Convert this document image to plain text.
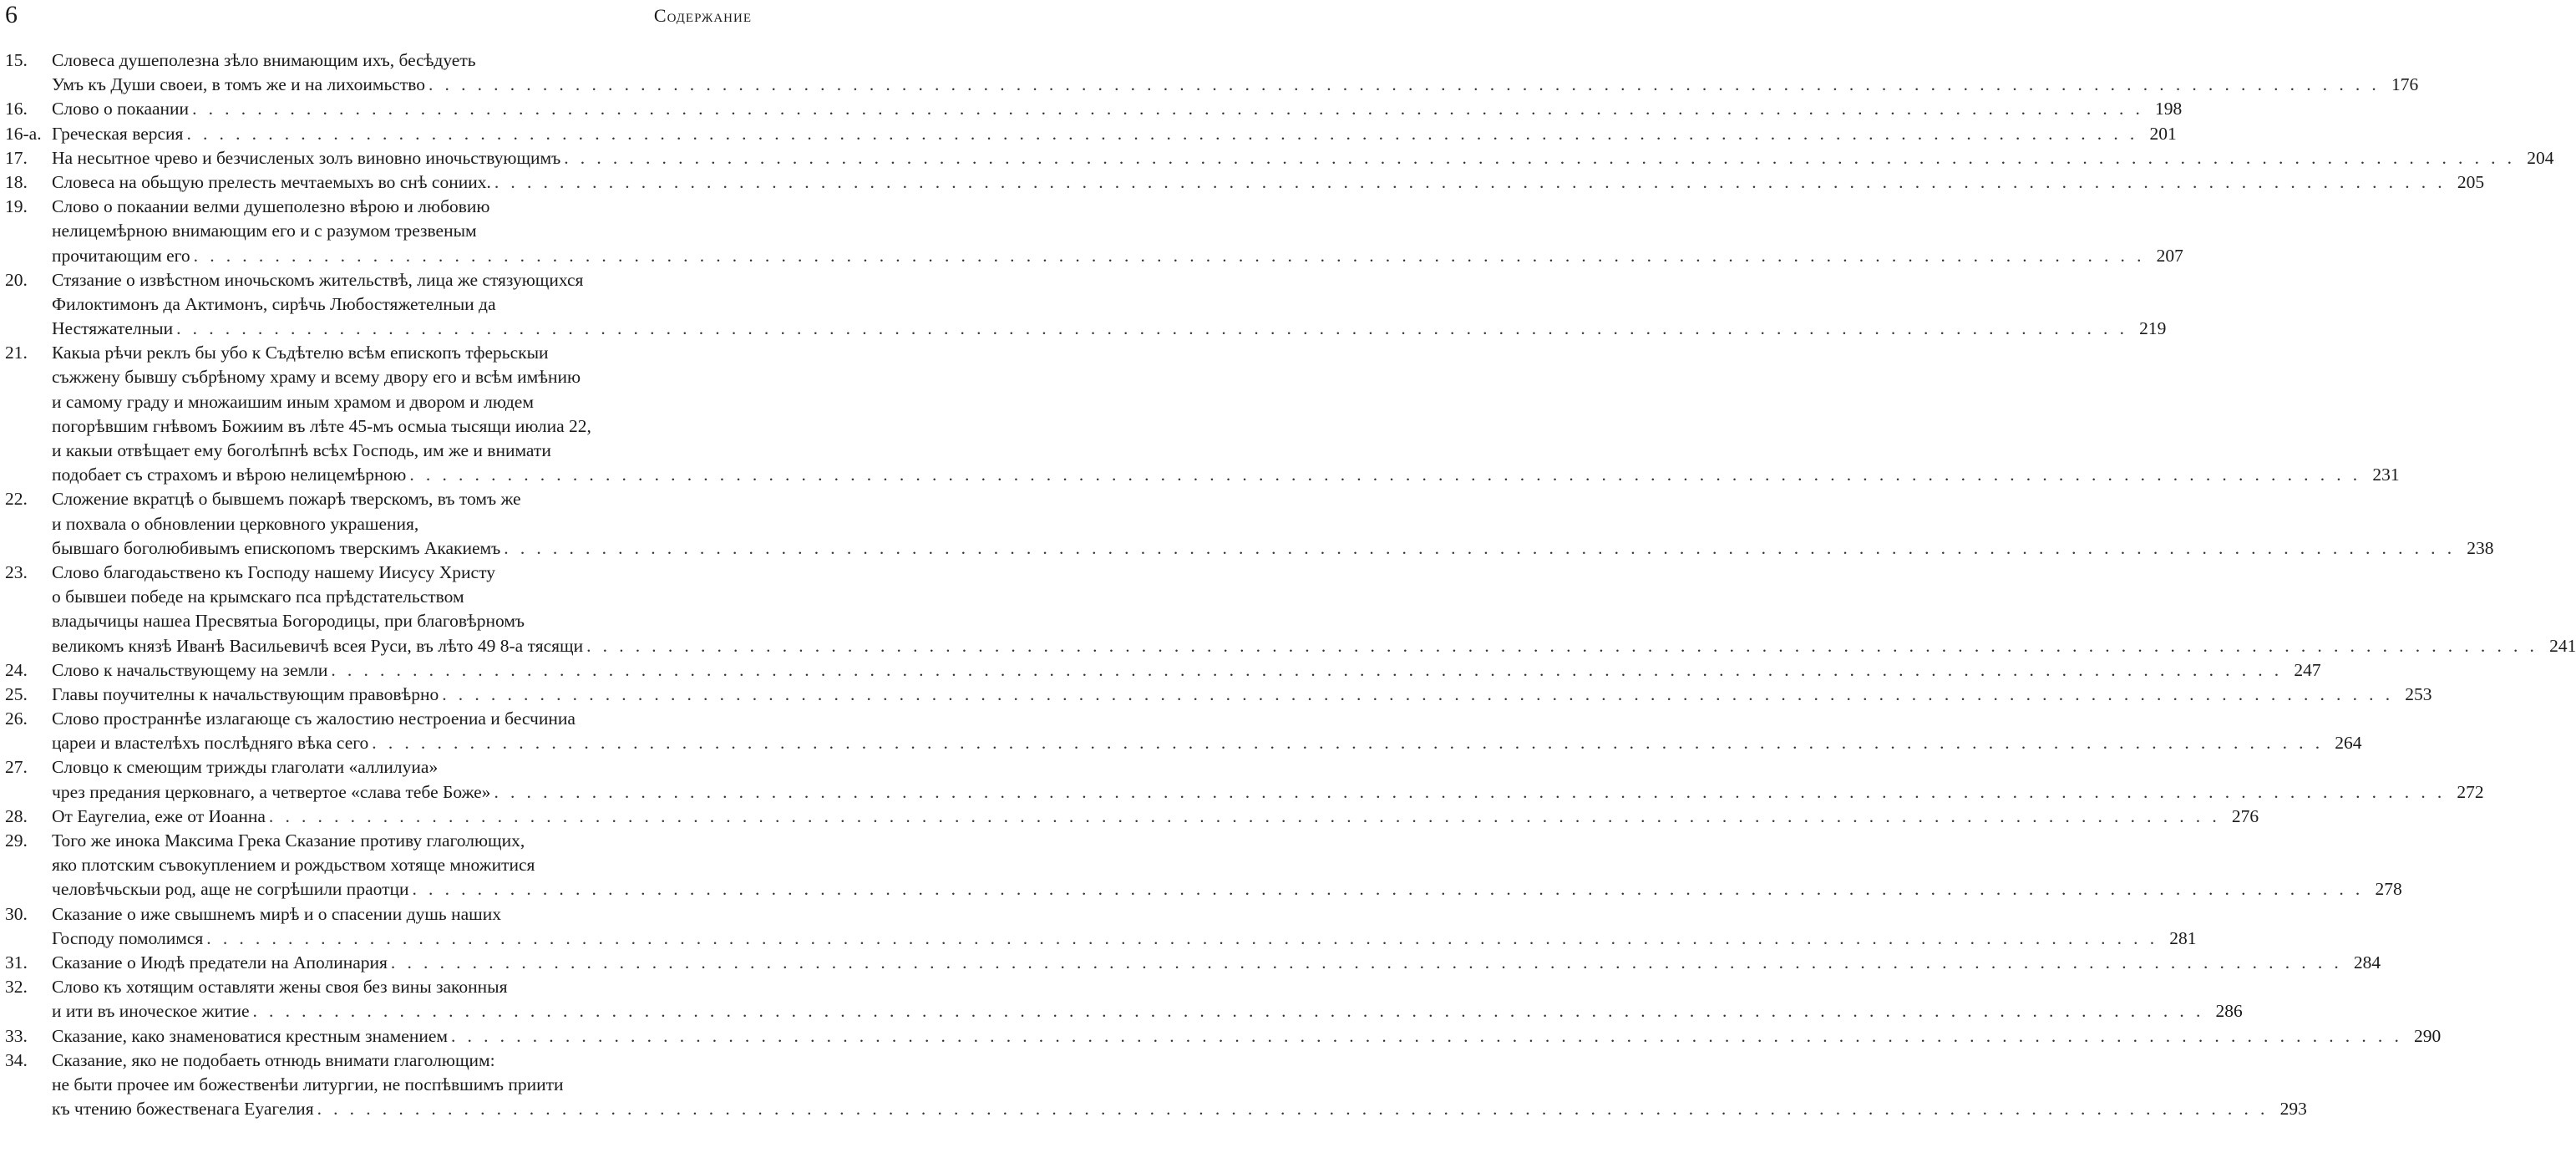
6	Содержание
15. Словеса душеполезна зѣло внимающим ихъ, бесѣдуеть
Умъ къ Души своеи, в томъ же и на лихоимьство . . . . . . . . . . . . . . . . . . . . . . . . . . . . . . . . . . . . . . . . . . . . . . . . . . . . . . . . . . . . . . . . . . . . . . . . . . . . . . . . . . . . . . . . . . . . . . . . . . . . . . . . . . . . . . . . . . . . . . . . 176
16. Слово о покаании . . . . . . . . . . . . . . . . . . . . . . . . . . . . . . . . . . . . . . . . . . . . . . . . . . . . . . . . . . . . . . . . . . . . . . . . . . . . . . . . . . . . . . . . . . . . . . . . . . . . . . . . . . . . . . . . . . . . . . . . 198
16-а. Греческая версия . . . . . . . . . . . . . . . . . . . . . . . . . . . . . . . . . . . . . . . . . . . . . . . . . . . . . . . . . . . . . . . . . . . . . . . . . . . . . . . . . . . . . . . . . . . . . . . . . . . . . . . . . . . . . . . . . . . . . . . . 201
17. На несытное чрево и безчисленых золъ виновно иночьствующимъ . . . . . . . . . . . . . . . . . . . . . . . . . . . . . . . . . . . . . . . . . . . . . . . . . . . . . . . . . . . . . . . . . . . . . . . . . . . . . . . . . . . . . . . . . . . . . . . . . . . . . . . . . . . . . . . . . . . . . . . . 204
18. Словеса на обьщую прелесть мечтаемыхъ во снѣ сониих. . . . . . . . . . . . . . . . . . . . . . . . . . . . . . . . . . . . . . . . . . . . . . . . . . . . . . . . . . . . . . . . . . . . . . . . . . . . . . . . . . . . . . . . . . . . . . . . . . . . . . . . . . . . . . . . . . . . . . . . . 205
19. Слово о покаании велми душеполезно вѣрою и любовию
нелицемѣрною внимающим его и с разумом трезвеным
прочитающим его . . . . . . . . . . . . . . . . . . . . . . . . . . . . . . . . . . . . . . . . . . . . . . . . . . . . . . . . . . . . . . . . . . . . . . . . . . . . . . . . . . . . . . . . . . . . . . . . . . . . . . . . . . . . . . . . . . . . . . . . 207
20. Стязание о извѣстном иночьскомъ жительствѣ, лица же стязующихся
Филоктимонъ да Актимонъ, сирѣчь Любостяжетелныи да
Нестяжателныи . . . . . . . . . . . . . . . . . . . . . . . . . . . . . . . . . . . . . . . . . . . . . . . . . . . . . . . . . . . . . . . . . . . . . . . . . . . . . . . . . . . . . . . . . . . . . . . . . . . . . . . . . . . . . . . . . . . . . . . . 219
21. Какыа рѣчи реклъ бы убо к Съдѣтелю всѣм епископъ тферьскыи
съжжену бывшу събрѣному храму и всему двору его и всѣм имѣнию
и самому граду и множаишим иным храмом и двором и людем
погорѣвшим гнѣвомъ Божиим въ лѣте 45-мъ осмыа тысящи июлиа 22,
и какыи отвѣщает ему боголѣпнѣ всѣх Господь, им же и внимати
подобает съ страхомъ и вѣрою нелицемѣрною . . . . . . . . . . . . . . . . . . . . . . . . . . . . . . . . . . . . . . . . . . . . . . . . . . . . . . . . . . . . . . . . . . . . . . . . . . . . . . . . . . . . . . . . . . . . . . . . . . . . . . . . . . . . . . . . . . . . . . . . 231
22. Сложение вкратцѣ о бывшемъ пожарѣ тверскомъ, въ томъ же
и похвала о обновлении церковного украшения,
бывшаго боголюбивымъ епископомъ тверскимъ Акакиемъ . . . . . . . . . . . . . . . . . . . . . . . . . . . . . . . . . . . . . . . . . . . . . . . . . . . . . . . . . . . . . . . . . . . . . . . . . . . . . . . . . . . . . . . . . . . . . . . . . . . . . . . . . . . . . . . . . . . . . . . . 238
23. Слово благодаьствено къ Господу нашему Иисусу Христу
о бывшеи победе на крымскаго пса прѣдстательством
владычицы нашеа Пресвятыа Богородицы, при благовѣрномъ
великомъ князѣ Иванѣ Васильевичѣ всея Руси, въ лѣто 49 8-а тясящи . . . . . . . . . . . . . . . . . . . . . . . . . . . . . . . . . . . . . . . . . . . . . . . . . . . . . . . . . . . . . . . . . . . . . . . . . . . . . . . . . . . . . . . . . . . . . . . . . . . . . . . . . . . . . . . . . . . . . . . . 241
24. Слово к начальствующему на земли . . . . . . . . . . . . . . . . . . . . . . . . . . . . . . . . . . . . . . . . . . . . . . . . . . . . . . . . . . . . . . . . . . . . . . . . . . . . . . . . . . . . . . . . . . . . . . . . . . . . . . . . . . . . . . . . . . . . . . . . 247
25. Главы поучителны к начальствующим правовѣрно . . . . . . . . . . . . . . . . . . . . . . . . . . . . . . . . . . . . . . . . . . . . . . . . . . . . . . . . . . . . . . . . . . . . . . . . . . . . . . . . . . . . . . . . . . . . . . . . . . . . . . . . . . . . . . . . . . . . . . . . 253
26. Слово пространнѣе излагающе съ жалостию нестроениа и бесчиниа
цареи и властелѣхъ послѣдняго вѣка сего . . . . . . . . . . . . . . . . . . . . . . . . . . . . . . . . . . . . . . . . . . . . . . . . . . . . . . . . . . . . . . . . . . . . . . . . . . . . . . . . . . . . . . . . . . . . . . . . . . . . . . . . . . . . . . . . . . . . . . . . 264
27. Словцо к смеющим трижды глаголати «аллилуиа»
чрез предания церковнаго, а четвертое «слава тебе Боже» . . . . . . . . . . . . . . . . . . . . . . . . . . . . . . . . . . . . . . . . . . . . . . . . . . . . . . . . . . . . . . . . . . . . . . . . . . . . . . . . . . . . . . . . . . . . . . . . . . . . . . . . . . . . . . . . . . . . . . . . 272
28. От Еаугелиа, еже от Иоанна . . . . . . . . . . . . . . . . . . . . . . . . . . . . . . . . . . . . . . . . . . . . . . . . . . . . . . . . . . . . . . . . . . . . . . . . . . . . . . . . . . . . . . . . . . . . . . . . . . . . . . . . . . . . . . . . . . . . . . . . 276
29. Того же инока Максима Грека Сказание противу глаголющих,
яко плотским съвокуплением и рождьством хотяще множитися
человѣчьскыи род, аще не согрѣшили праотци . . . . . . . . . . . . . . . . . . . . . . . . . . . . . . . . . . . . . . . . . . . . . . . . . . . . . . . . . . . . . . . . . . . . . . . . . . . . . . . . . . . . . . . . . . . . . . . . . . . . . . . . . . . . . . . . . . . . . . . . 278
30. Сказание о иже свышнемъ мирѣ и о спасении душь наших
Господу помолимся . . . . . . . . . . . . . . . . . . . . . . . . . . . . . . . . . . . . . . . . . . . . . . . . . . . . . . . . . . . . . . . . . . . . . . . . . . . . . . . . . . . . . . . . . . . . . . . . . . . . . . . . . . . . . . . . . . . . . . . . 281
31. Сказание о Июдѣ предатели на Аполинария . . . . . . . . . . . . . . . . . . . . . . . . . . . . . . . . . . . . . . . . . . . . . . . . . . . . . . . . . . . . . . . . . . . . . . . . . . . . . . . . . . . . . . . . . . . . . . . . . . . . . . . . . . . . . . . . . . . . . . . . 284
32. Слово къ хотящим оставляти жены своя без вины законныя
и ити въ иноческое житие . . . . . . . . . . . . . . . . . . . . . . . . . . . . . . . . . . . . . . . . . . . . . . . . . . . . . . . . . . . . . . . . . . . . . . . . . . . . . . . . . . . . . . . . . . . . . . . . . . . . . . . . . . . . . . . . . . . . . . . . 286
33. Сказание, како знаменоватися крестным знамением . . . . . . . . . . . . . . . . . . . . . . . . . . . . . . . . . . . . . . . . . . . . . . . . . . . . . . . . . . . . . . . . . . . . . . . . . . . . . . . . . . . . . . . . . . . . . . . . . . . . . . . . . . . . . . . . . . . . . . . . 290
34. Сказание, яко не подобаеть отнюдь внимати глаголющим:
не быти прочее им божественѣи литургии, не поспѣвшимъ приити
къ чтению божественага Еуагелия . . . . . . . . . . . . . . . . . . . . . . . . . . . . . . . . . . . . . . . . . . . . . . . . . . . . . . . . . . . . . . . . . . . . . . . . . . . . . . . . . . . . . . . . . . . . . . . . . . . . . . . . . . . . . . . . . . . . . . . . 293
